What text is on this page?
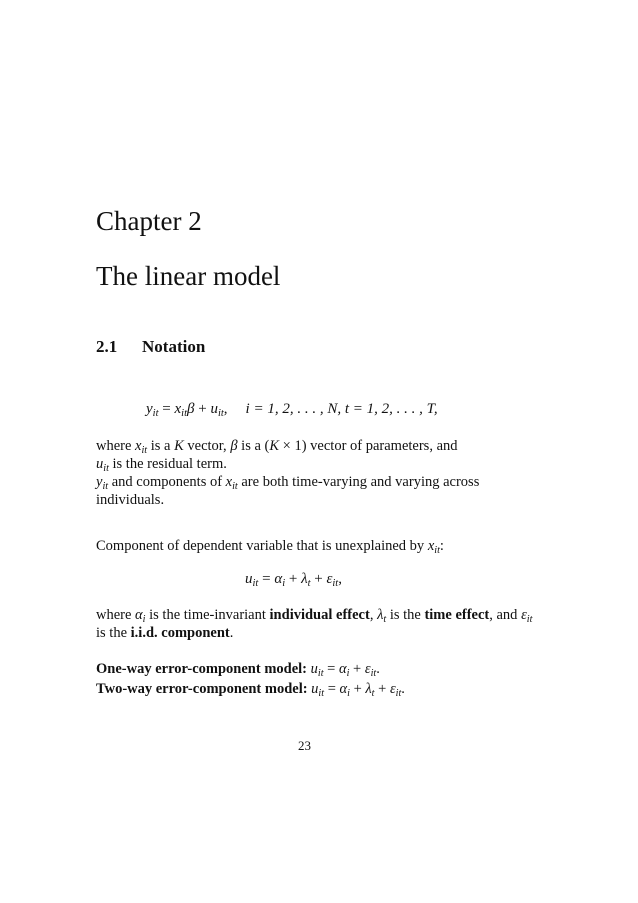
Chapter 2
The linear model
2.1 Notation
$y_{it} = x_{it}\beta + u_{it}$, i = 1, 2, . . . , N, t = 1, 2, . . . , T,
where $x_{it}$ is a K vector, β is a (K × 1) vector of parameters, and
$u_{it}$ is the residual term.
$y_{it}$ and components of $x_{it}$ are both time-varying and varying across individuals.
Component of dependent variable that is unexplained by $x_{it}$:
$u_{it} = \alpha_i + \lambda_t + \varepsilon_{it}$,
where $\alpha_i$ is the time-invariant individual effect, $\lambda_t$ is the time effect, and $\varepsilon_{it}$ is the i.i.d. component.
One-way error-component model: $u_{it} = \alpha_i + \varepsilon_{it}$.
Two-way error-component model: $u_{it} = \alpha_i + \lambda_t + \varepsilon_{it}$.
23
